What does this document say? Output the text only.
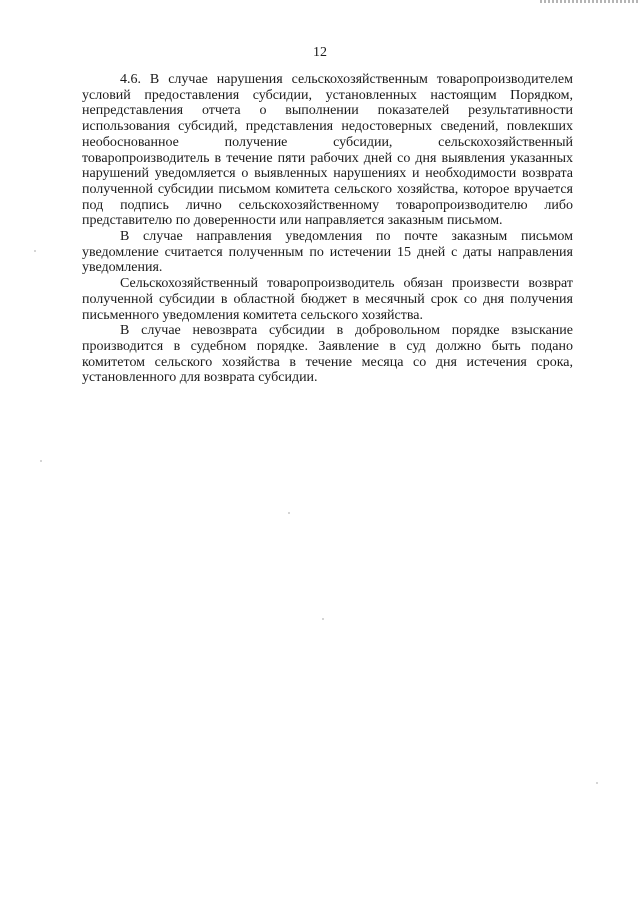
12

4.6. В случае нарушения сельскохозяйственным товаропроизводителем условий предоставления субсидии, установленных настоящим Порядком, непредставления отчета о выполнении показателей результативности использования субсидий, представления недостоверных сведений, повлекших необоснованное получение субсидии, сельскохозяйственный товаропроизводитель в течение пяти рабочих дней со дня выявления указанных нарушений уведомляется о выявленных нарушениях и необходимости возврата полученной субсидии письмом комитета сельского хозяйства, которое вручается под подпись лично сельскохозяйственному товаропроизводителю либо представителю по доверенности или направляется заказным письмом.

В случае направления уведомления по почте заказным письмом уведомление считается полученным по истечении 15 дней с даты направления уведомления.

Сельскохозяйственный товаропроизводитель обязан произвести возврат полученной субсидии в областной бюджет в месячный срок со дня получения письменного уведомления комитета сельского хозяйства.

В случае невозврата субсидии в добровольном порядке взыскание производится в судебном порядке. Заявление в суд должно быть подано комитетом сельского хозяйства в течение месяца со дня истечения срока, установленного для возврата субсидии.
